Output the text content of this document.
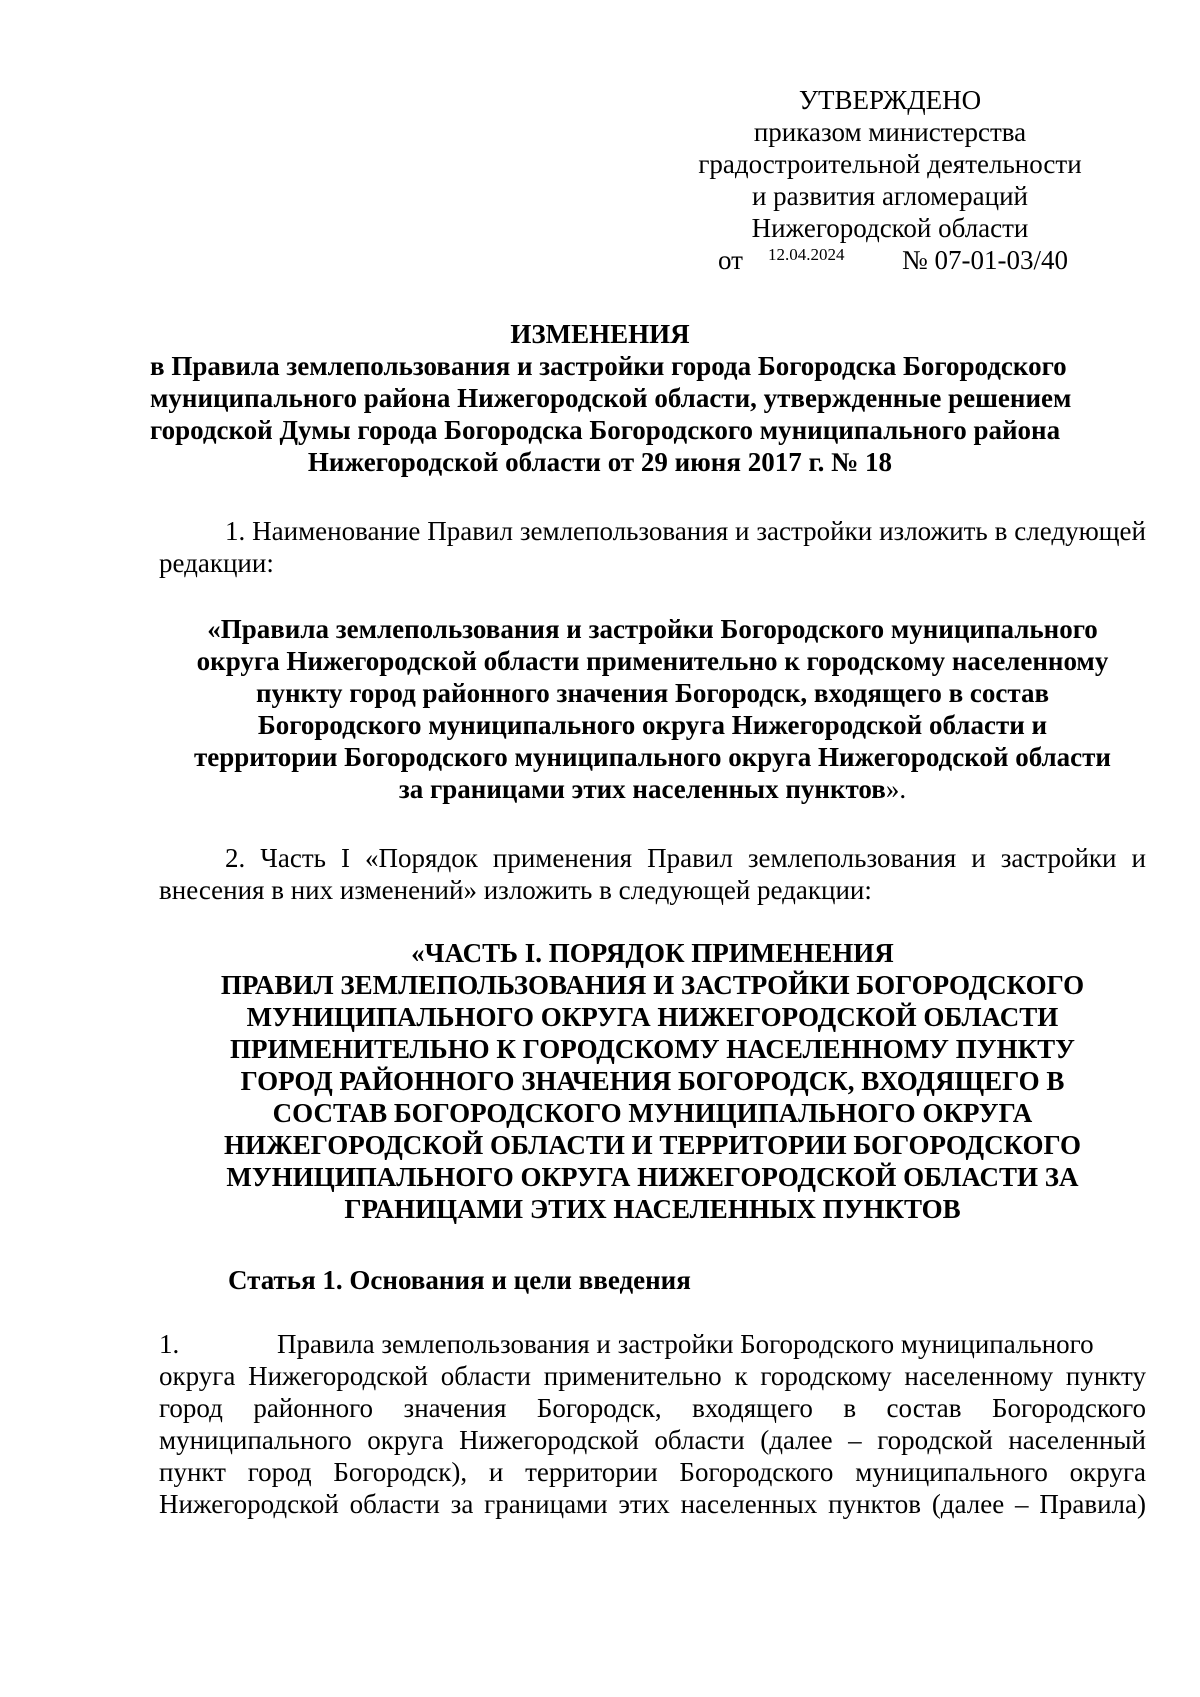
УТВЕРЖДЕНО
приказом министерства
градостроительной деятельности
и развития агломераций
Нижегородской области
от 12.04.2024 № 07-01-03/40
ИЗМЕНЕНИЯ
в Правила землепользования и застройки города Богородска Богородского
муниципального района Нижегородской области, утвержденные решением
городской Думы города Богородска Богородского муниципального района
Нижегородской области от 29 июня 2017 г. № 18
1. Наименование Правил землепользования и застройки изложить в следующей редакции:
«Правила землепользования и застройки Богородского муниципального
округа Нижегородской области применительно к городскому населенному
пункту город районного значения Богородск, входящего в состав
Богородского муниципального округа Нижегородской области и
территории Богородского муниципального округа Нижегородской области
за границами этих населенных пунктов».
2. Часть I «Порядок применения Правил землепользования и застройки и внесения в них изменений» изложить в следующей редакции:
«ЧАСТЬ I. ПОРЯДОК ПРИМЕНЕНИЯ
ПРАВИЛ ЗЕМЛЕПОЛЬЗОВАНИЯ И ЗАСТРОЙКИ БОГОРОДСКОГО
МУНИЦИПАЛЬНОГО ОКРУГА НИЖЕГОРОДСКОЙ ОБЛАСТИ
ПРИМЕНИТЕЛЬНО К ГОРОДСКОМУ НАСЕЛЕННОМУ ПУНКТУ
ГОРОД РАЙОННОГО ЗНАЧЕНИЯ БОГОРОДСК, ВХОДЯЩЕГО В
СОСТАВ БОГОРОДСКОГО МУНИЦИПАЛЬНОГО ОКРУГА
НИЖЕГОРОДСКОЙ ОБЛАСТИ И ТЕРРИТОРИИ БОГОРОДСКОГО
МУНИЦИПАЛЬНОГО ОКРУГА НИЖЕГОРОДСКОЙ ОБЛАСТИ ЗА
ГРАНИЦАМИ ЭТИХ НАСЕЛЕННЫХ ПУНКТОВ
Статья 1. Основания и цели введения
1.	Правила землепользования и застройки Богородского муниципального
округа Нижегородской области применительно к городскому населенному пункту
город районного значения Богородск, входящего в состав Богородского
муниципального округа Нижегородской области (далее – городской населенный
пункт город Богородск), и территории Богородского муниципального округа
Нижегородской области за границами этих населенных пунктов (далее – Правила)
